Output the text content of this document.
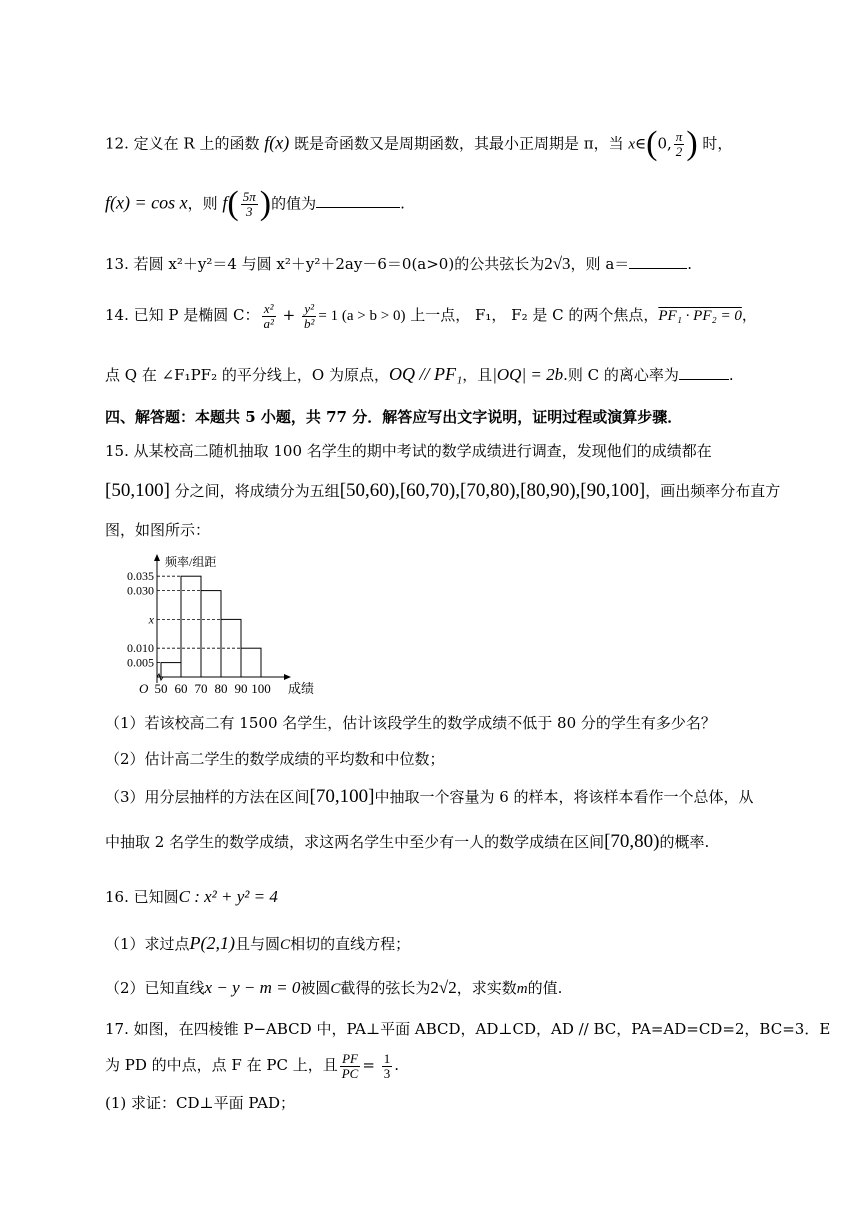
12. 定义在 R 上的函数 f(x) 既是奇函数又是周期函数，其最小正周期是 π，当 x∈(0, $\frac{\pi}{2}$ ) 时，
f(x) = cos x，则 $f( \frac{5\pi}{3}$ )的值为	.
13. 若圆 x²＋y²＝4 与圆 x²＋y²＋2ay－6＝0(a>0)的公共弦长为2√3，则 a＝	.
14. 已知 P 是椭圆 C： $\frac{\text{x²}}{\text{a²}} + \frac{\text{y²}}{\text{b²}} = 1$ (a > b > 0) 上一点， F₁， F₂ 是 C 的两个焦点，PF₁ · PF₂ = 0，
点 Q 在 ∠F₁PF₂ 的平分线上，O 为原点，OQ // PF₁，且|OQ| = 2b.则 C 的离心率为	.
四、解答题：本题共 5 小题，共 77 分．解答应写出文字说明，证明过程或演算步骤．
15. 从某校高二随机抽取 100 名学生的期中考试的数学成绩进行调查，发现他们的成绩都在
[50,100] 分之间，将成绩分为五组[50,60),[60,70),[70,80),[80,90),[90,100]，画出频率分布直方
图，如图所示：
频率/组距
成绩
O
0.035
0.030
x
0.010
0.005
50 60 70 80 90 100
（1）若该校高二有 1500 名学生，估计该段学生的数学成绩不低于 80 分的学生有多少名？
（2）估计高二学生的数学成绩的平均数和中位数；
（3）用分层抽样的方法在区间[70,100]中抽取一个容量为 6 的样本，将该样本看作一个总体，从
中抽取 2 名学生的数学成绩，求这两名学生中至少有一人的数学成绩在区间[70,80)的概率.
16. 已知圆C : x² + y² = 4
（1）求过点P(2,1)且与圆C相切的直线方程；
（2）已知直线x − y − m = 0被圆C截得的弦长为2√2，求实数m的值.
17. 如图，在四棱锥 P−ABCD 中，PA⊥平面 ABCD，AD⊥CD，AD // BC，PA=AD=CD=2，BC=3．E
为 PD 的中点，点 F 在 PC 上，且 $\frac{PF}{PC} = \frac{1}{3}$ .
(1) 求证：CD⊥平面 PAD；
